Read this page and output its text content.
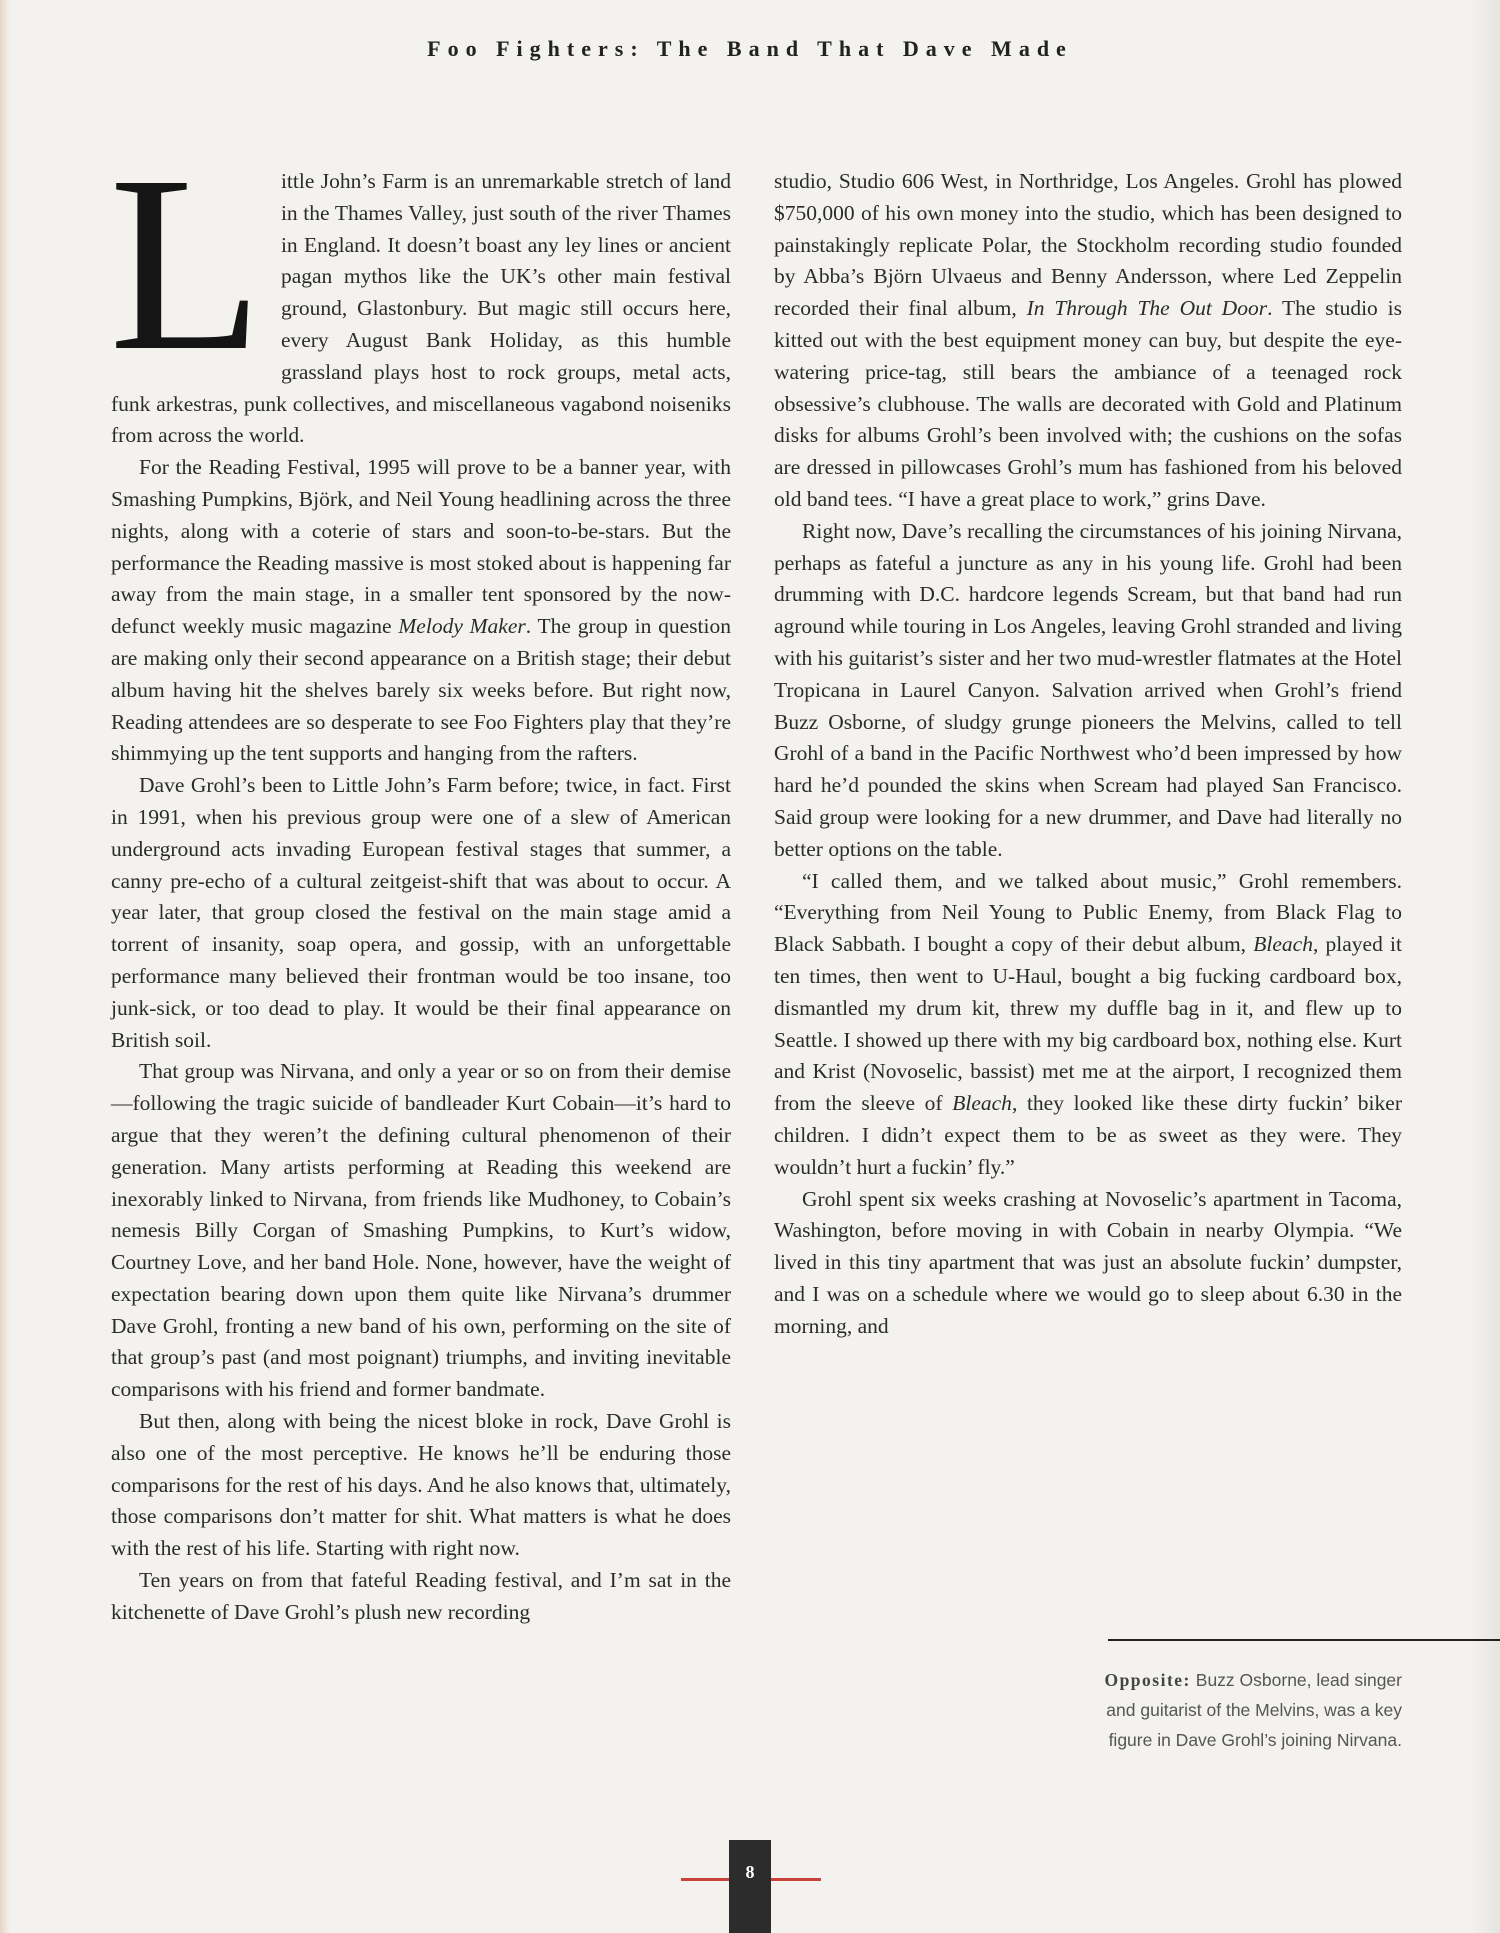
Foo Fighters: The Band That Dave Made

Little John’s Farm is an unremarkable stretch of land in the Thames Valley, just south of the river Thames in England. It doesn’t boast any ley lines or ancient pagan mythos like the UK’s other main festival ground, Glastonbury. But magic still occurs here, every August Bank Holiday, as this humble grassland plays host to rock groups, metal acts, funk arkestras, punk collectives, and miscellaneous vagabond noiseniks from across the world.

For the Reading Festival, 1995 will prove to be a banner year, with Smashing Pumpkins, Björk, and Neil Young headlining across the three nights, along with a coterie of stars and soon-to-be-stars. But the performance the Reading massive is most stoked about is happening far away from the main stage, in a smaller tent sponsored by the now-defunct weekly music magazine Melody Maker. The group in question are making only their second appearance on a British stage; their debut album having hit the shelves barely six weeks before. But right now, Reading attendees are so desperate to see Foo Fighters play that they’re shimmying up the tent supports and hanging from the rafters.

Dave Grohl’s been to Little John’s Farm before; twice, in fact. First in 1991, when his previous group were one of a slew of American underground acts invading European festival stages that summer, a canny pre-echo of a cultural zeitgeist-shift that was about to occur. A year later, that group closed the festival on the main stage amid a torrent of insanity, soap opera, and gossip, with an unforgettable performance many believed their frontman would be too insane, too junk-sick, or too dead to play. It would be their final appearance on British soil.

That group was Nirvana, and only a year or so on from their demise—following the tragic suicide of bandleader Kurt Cobain—it’s hard to argue that they weren’t the defining cultural phenomenon of their generation. Many artists performing at Reading this weekend are inexorably linked to Nirvana, from friends like Mudhoney, to Cobain’s nemesis Billy Corgan of Smashing Pumpkins, to Kurt’s widow, Courtney Love, and her band Hole. None, however, have the weight of expectation bearing down upon them quite like Nirvana’s drummer Dave Grohl, fronting a new band of his own, performing on the site of that group’s past (and most poignant) triumphs, and inviting inevitable comparisons with his friend and former bandmate.

But then, along with being the nicest bloke in rock, Dave Grohl is also one of the most perceptive. He knows he’ll be enduring those comparisons for the rest of his days. And he also knows that, ultimately, those comparisons don’t matter for shit. What matters is what he does with the rest of his life. Starting with right now.

Ten years on from that fateful Reading festival, and I’m sat in the kitchenette of Dave Grohl’s plush new recording

studio, Studio 606 West, in Northridge, Los Angeles. Grohl has plowed $750,000 of his own money into the studio, which has been designed to painstakingly replicate Polar, the Stockholm recording studio founded by Abba’s Björn Ulvaeus and Benny Andersson, where Led Zeppelin recorded their final album, In Through The Out Door. The studio is kitted out with the best equipment money can buy, but despite the eye-watering price-tag, still bears the ambiance of a teenaged rock obsessive’s clubhouse. The walls are decorated with Gold and Platinum disks for albums Grohl’s been involved with; the cushions on the sofas are dressed in pillowcases Grohl’s mum has fashioned from his beloved old band tees. “I have a great place to work,” grins Dave.

Right now, Dave’s recalling the circumstances of his joining Nirvana, perhaps as fateful a juncture as any in his young life. Grohl had been drumming with D.C. hardcore legends Scream, but that band had run aground while touring in Los Angeles, leaving Grohl stranded and living with his guitarist’s sister and her two mud-wrestler flatmates at the Hotel Tropicana in Laurel Canyon. Salvation arrived when Grohl’s friend Buzz Osborne, of sludgy grunge pioneers the Melvins, called to tell Grohl of a band in the Pacific Northwest who’d been impressed by how hard he’d pounded the skins when Scream had played San Francisco. Said group were looking for a new drummer, and Dave had literally no better options on the table.

“I called them, and we talked about music,” Grohl remembers. “Everything from Neil Young to Public Enemy, from Black Flag to Black Sabbath. I bought a copy of their debut album, Bleach, played it ten times, then went to U-Haul, bought a big fucking cardboard box, dismantled my drum kit, threw my duffle bag in it, and flew up to Seattle. I showed up there with my big cardboard box, nothing else. Kurt and Krist (Novoselic, bassist) met me at the airport, I recognized them from the sleeve of Bleach, they looked like these dirty fuckin’ biker children. I didn’t expect them to be as sweet as they were. They wouldn’t hurt a fuckin’ fly.”

Grohl spent six weeks crashing at Novoselic’s apartment in Tacoma, Washington, before moving in with Cobain in nearby Olympia. “We lived in this tiny apartment that was just an absolute fuckin’ dumpster, and I was on a schedule where we would go to sleep about 6.30 in the morning, and

Opposite: Buzz Osborne, lead singer and guitarist of the Melvins, was a key figure in Dave Grohl’s joining Nirvana.
8
